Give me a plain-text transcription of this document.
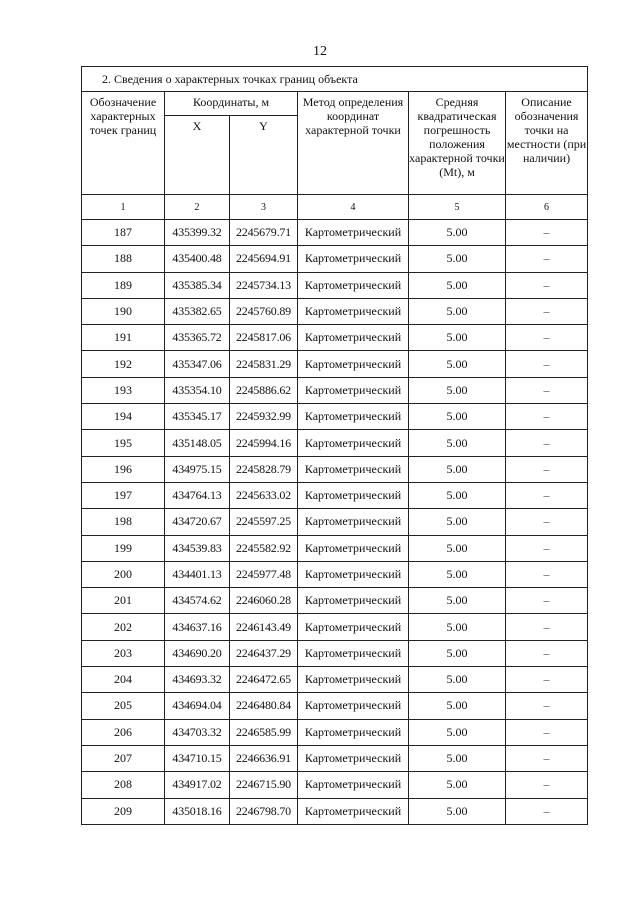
12
2. Сведения о характерных точках границ объекта					
Обозначение характерных точек границ	Координаты, м		Метод определения координат характерной точки	Средняя квадратическая погрешность положения характерной точки (Mt), м	Описание обозначения точки на местности (при наличии)
	X	Y			
1	2	3	4	5	6
187	435399.32	2245679.71	Картометрический	5.00	–
188	435400.48	2245694.91	Картометрический	5.00	–
189	435385.34	2245734.13	Картометрический	5.00	–
190	435382.65	2245760.89	Картометрический	5.00	–
191	435365.72	2245817.06	Картометрический	5.00	–
192	435347.06	2245831.29	Картометрический	5.00	–
193	435354.10	2245886.62	Картометрический	5.00	–
194	435345.17	2245932.99	Картометрический	5.00	–
195	435148.05	2245994.16	Картометрический	5.00	–
196	434975.15	2245828.79	Картометрический	5.00	–
197	434764.13	2245633.02	Картометрический	5.00	–
198	434720.67	2245597.25	Картометрический	5.00	–
199	434539.83	2245582.92	Картометрический	5.00	–
200	434401.13	2245977.48	Картометрический	5.00	–
201	434574.62	2246060.28	Картометрический	5.00	–
202	434637.16	2246143.49	Картометрический	5.00	–
203	434690.20	2246437.29	Картометрический	5.00	–
204	434693.32	2246472.65	Картометрический	5.00	–
205	434694.04	2246480.84	Картометрический	5.00	–
206	434703.32	2246585.99	Картометрический	5.00	–
207	434710.15	2246636.91	Картометрический	5.00	–
208	434917.02	2246715.90	Картометрический	5.00	–
209	435018.16	2246798.70	Картометрический	5.00	–
